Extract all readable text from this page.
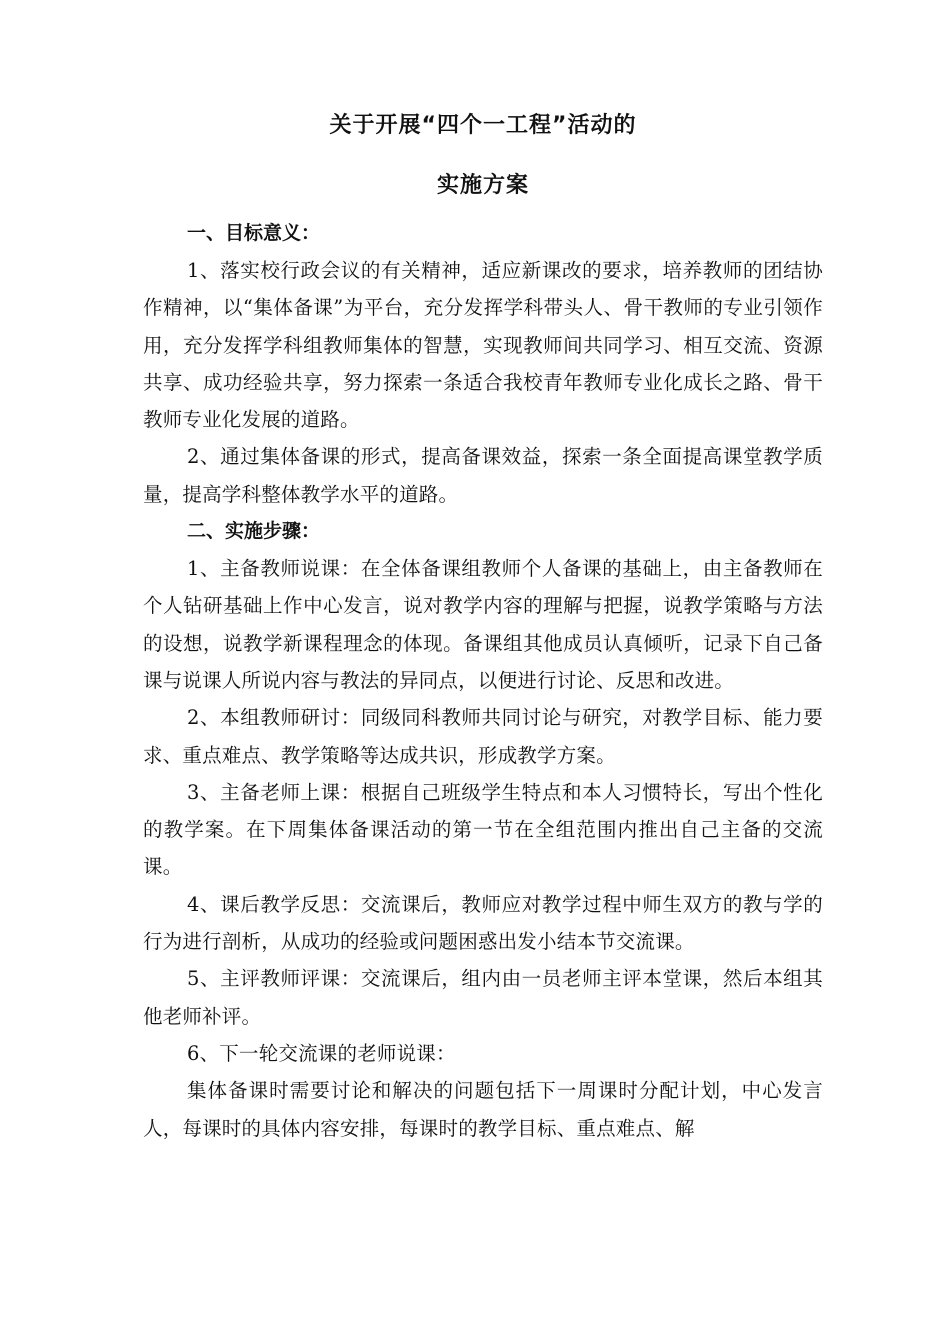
关于开展“四个一工程”活动的
实施方案
一、目标意义：

1、落实校行政会议的有关精神，适应新课改的要求，培养教师的团结协作精神，以“集体备课”为平台，充分发挥学科带头人、骨干教师的专业引领作用，充分发挥学科组教师集体的智慧，实现教师间共同学习、相互交流、资源共享、成功经验共享，努力探索一条适合我校青年教师专业化成长之路、骨干教师专业化发展的道路。

2、通过集体备课的形式，提高备课效益，探索一条全面提高课堂教学质量，提高学科整体教学水平的道路。

二、实施步骤：

1、主备教师说课：在全体备课组教师个人备课的基础上，由主备教师在个人钻研基础上作中心发言，说对教学内容的理解与把握，说教学策略与方法的设想，说教学新课程理念的体现。备课组其他成员认真倾听，记录下自己备课与说课人所说内容与教法的异同点，以便进行讨论、反思和改进。

2、本组教师研讨：同级同科教师共同讨论与研究，对教学目标、能力要求、重点难点、教学策略等达成共识，形成教学方案。

3、主备老师上课：根据自己班级学生特点和本人习惯特长，写出个性化的教学案。在下周集体备课活动的第一节在全组范围内推出自己主备的交流课。

4、课后教学反思：交流课后，教师应对教学过程中师生双方的教与学的行为进行剖析，从成功的经验或问题困惑出发小结本节交流课。

5、主评教师评课：交流课后，组内由一员老师主评本堂课，然后本组其他老师补评。

6、下一轮交流课的老师说课：

集体备课时需要讨论和解决的问题包括下一周课时分配计划，中心发言人，每课时的具体内容安排，每课时的教学目标、重点难点、解
